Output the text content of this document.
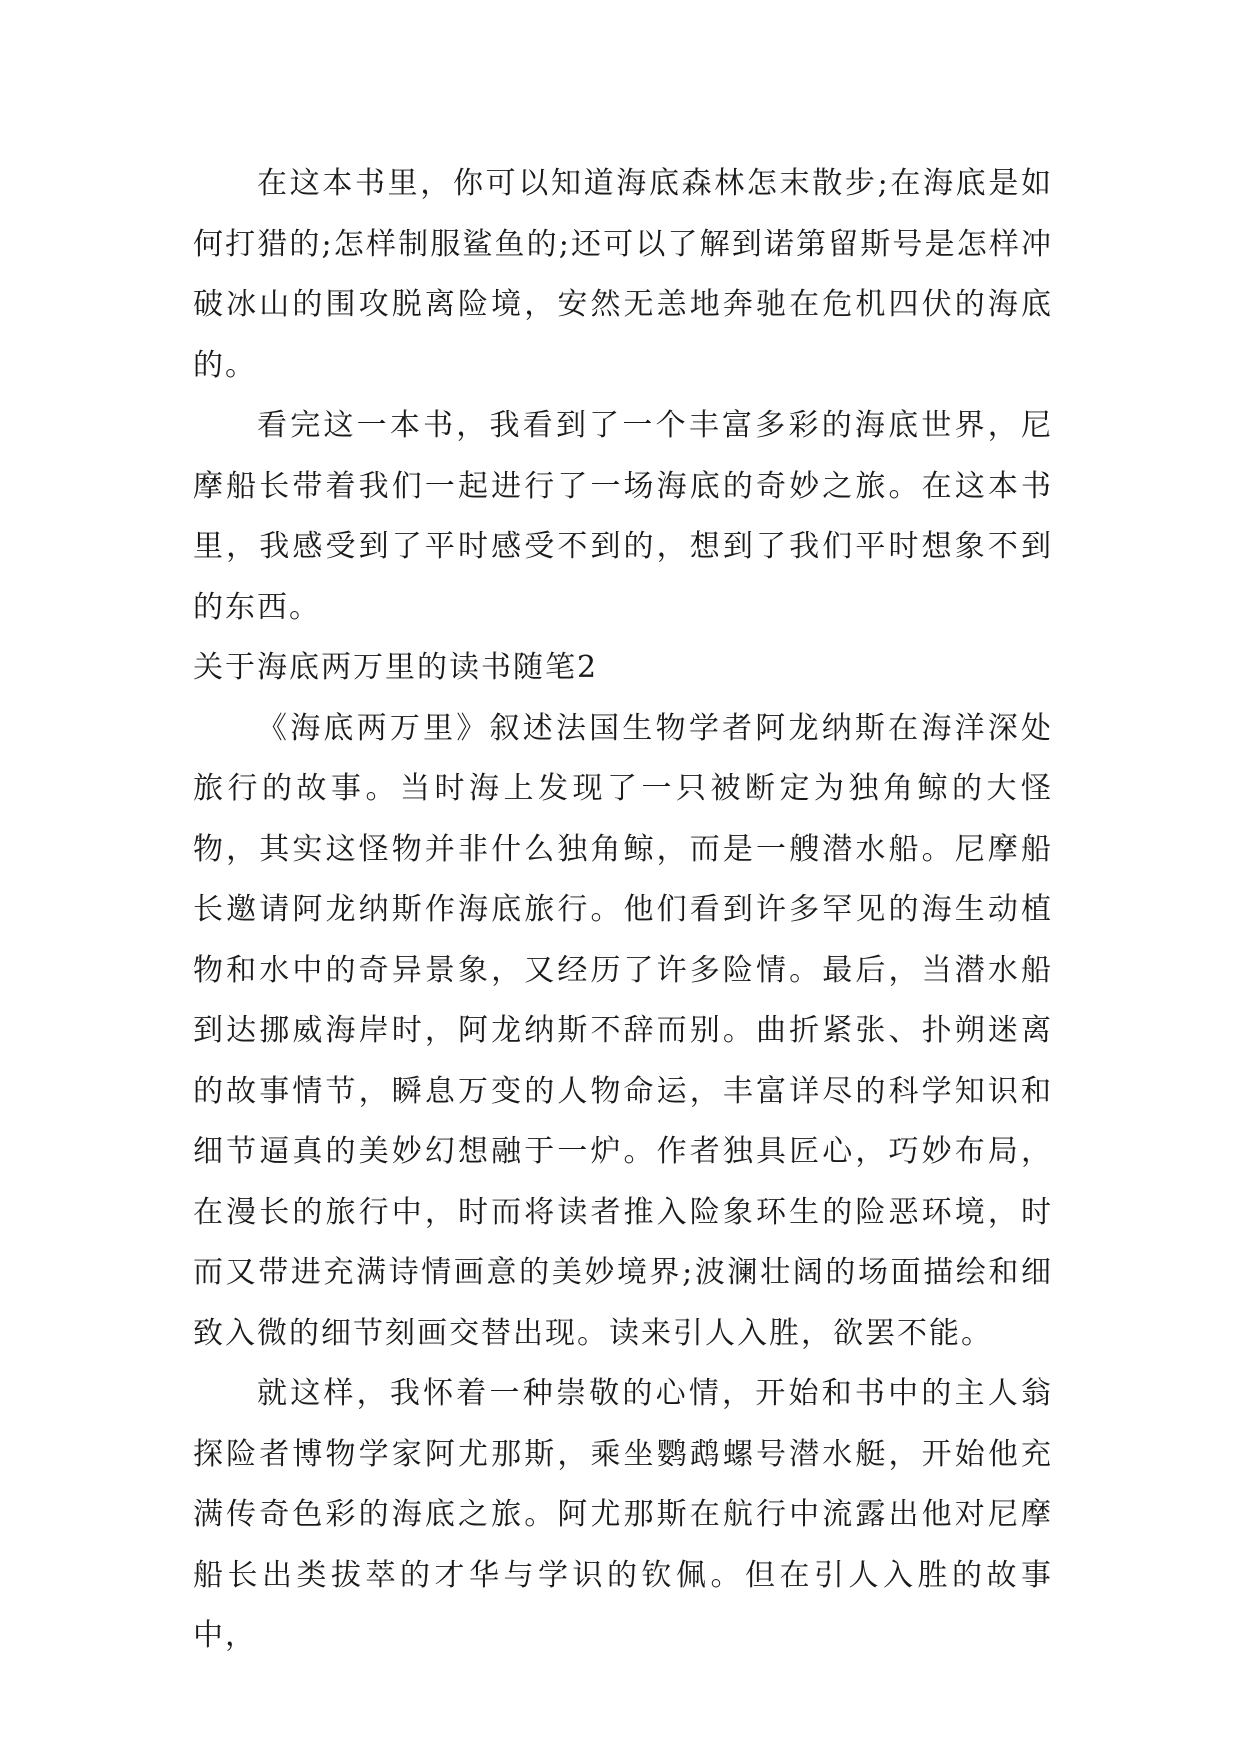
在这本书里，你可以知道海底森林怎末散步;在海底是如何打猎的;怎样制服鲨鱼的;还可以了解到诺第留斯号是怎样冲破冰山的围攻脱离险境，安然无恙地奔驰在危机四伏的海底的。

看完这一本书，我看到了一个丰富多彩的海底世界，尼摩船长带着我们一起进行了一场海底的奇妙之旅。在这本书里，我感受到了平时感受不到的，想到了我们平时想象不到的东西。

关于海底两万里的读书随笔2

《海底两万里》叙述法国生物学者阿龙纳斯在海洋深处旅行的故事。当时海上发现了一只被断定为独角鲸的大怪物，其实这怪物并非什么独角鲸，而是一艘潜水船。尼摩船长邀请阿龙纳斯作海底旅行。他们看到许多罕见的海生动植物和水中的奇异景象，又经历了许多险情。最后，当潜水船到达挪威海岸时，阿龙纳斯不辞而别。曲折紧张、扑朔迷离的故事情节，瞬息万变的人物命运，丰富详尽的科学知识和细节逼真的美妙幻想融于一炉。作者独具匠心，巧妙布局，在漫长的旅行中，时而将读者推入险象环生的险恶环境，时而又带进充满诗情画意的美妙境界;波澜壮阔的场面描绘和细致入微的细节刻画交替出现。读来引人入胜，欲罢不能。

就这样，我怀着一种崇敬的心情，开始和书中的主人翁探险者博物学家阿尤那斯，乘坐鹦鹉螺号潜水艇，开始他充满传奇色彩的海底之旅。阿尤那斯在航行中流露出他对尼摩船长出类拔萃的才华与学识的钦佩。但在引人入胜的故事中，
